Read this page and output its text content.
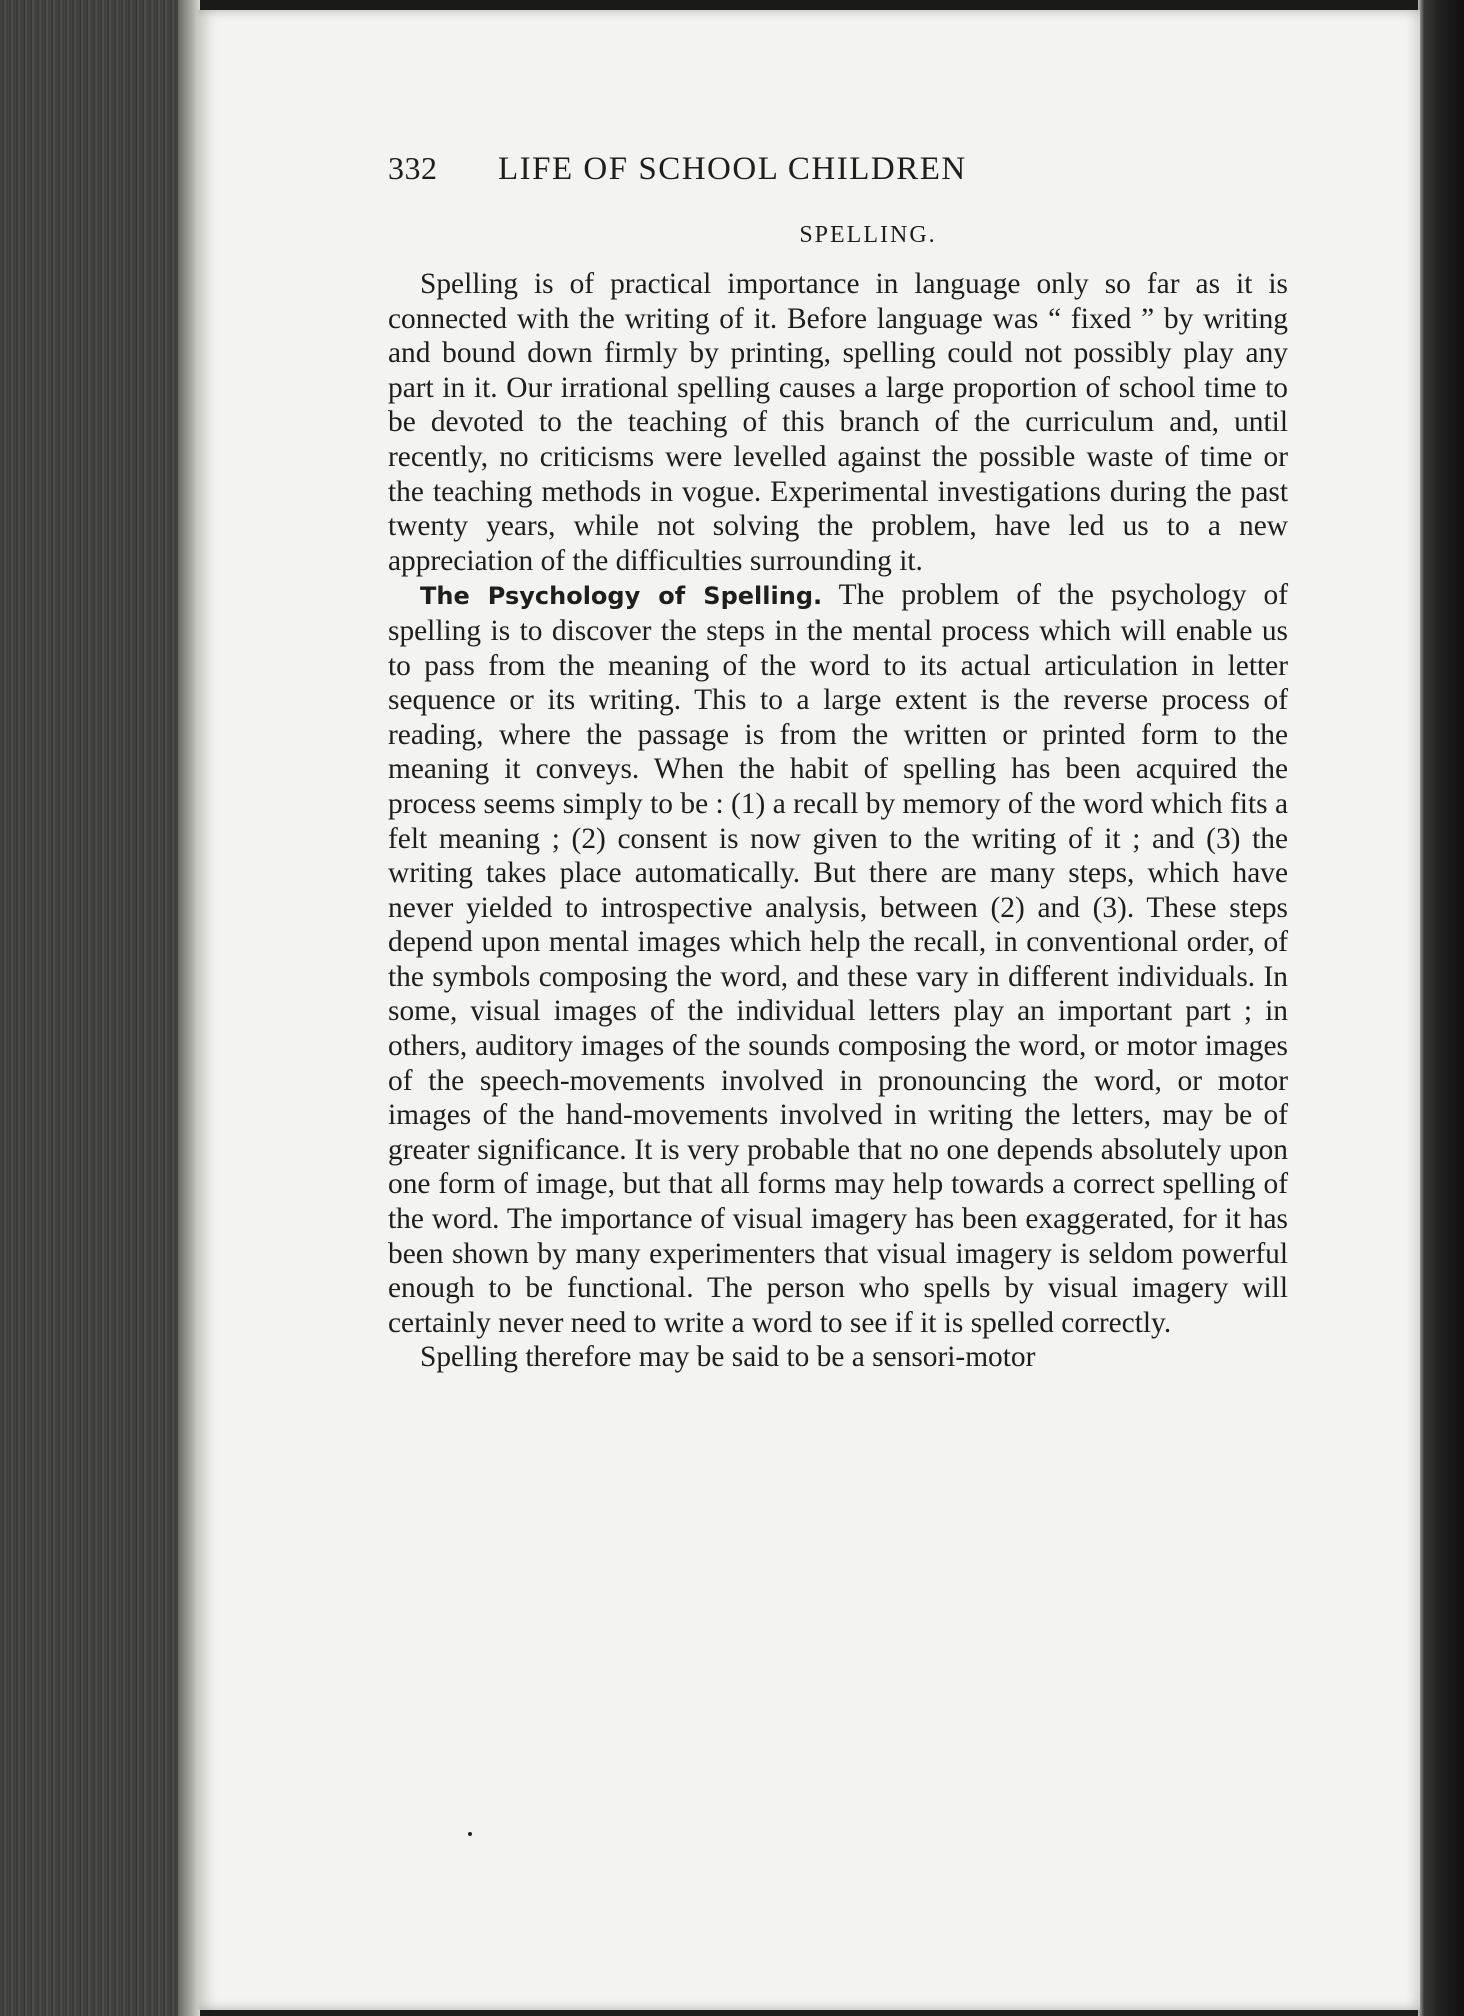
332	LIFE OF SCHOOL CHILDREN
SPELLING.

Spelling is of practical importance in language only so far as it is connected with the writing of it. Before language was “ fixed ” by writing and bound down firmly by printing, spelling could not possibly play any part in it. Our irrational spelling causes a large proportion of school time to be devoted to the teaching of this branch of the curriculum and, until recently, no criticisms were levelled against the possible waste of time or the teaching methods in vogue. Experimental investigations during the past twenty years, while not solving the problem, have led us to a new appreciation of the difficulties surrounding it.

The Psychology of Spelling. The problem of the psychology of spelling is to discover the steps in the mental process which will enable us to pass from the meaning of the word to its actual articulation in letter sequence or its writing. This to a large extent is the reverse process of reading, where the passage is from the written or printed form to the meaning it conveys. When the habit of spelling has been acquired the process seems simply to be : (1) a recall by memory of the word which fits a felt meaning ; (2) consent is now given to the writing of it ; and (3) the writing takes place automatically. But there are many steps, which have never yielded to introspective analysis, between (2) and (3). These steps depend upon mental images which help the recall, in conventional order, of the symbols composing the word, and these vary in different individuals. In some, visual images of the individual letters play an important part ; in others, auditory images of the sounds composing the word, or motor images of the speech-movements involved in pronouncing the word, or motor images of the hand-movements involved in writing the letters, may be of greater significance. It is very probable that no one depends absolutely upon one form of image, but that all forms may help towards a correct spelling of the word. The importance of visual imagery has been exaggerated, for it has been shown by many experimenters that visual imagery is seldom powerful enough to be functional. The person who spells by visual imagery will certainly never need to write a word to see if it is spelled correctly.

Spelling therefore may be said to be a sensori-motor
